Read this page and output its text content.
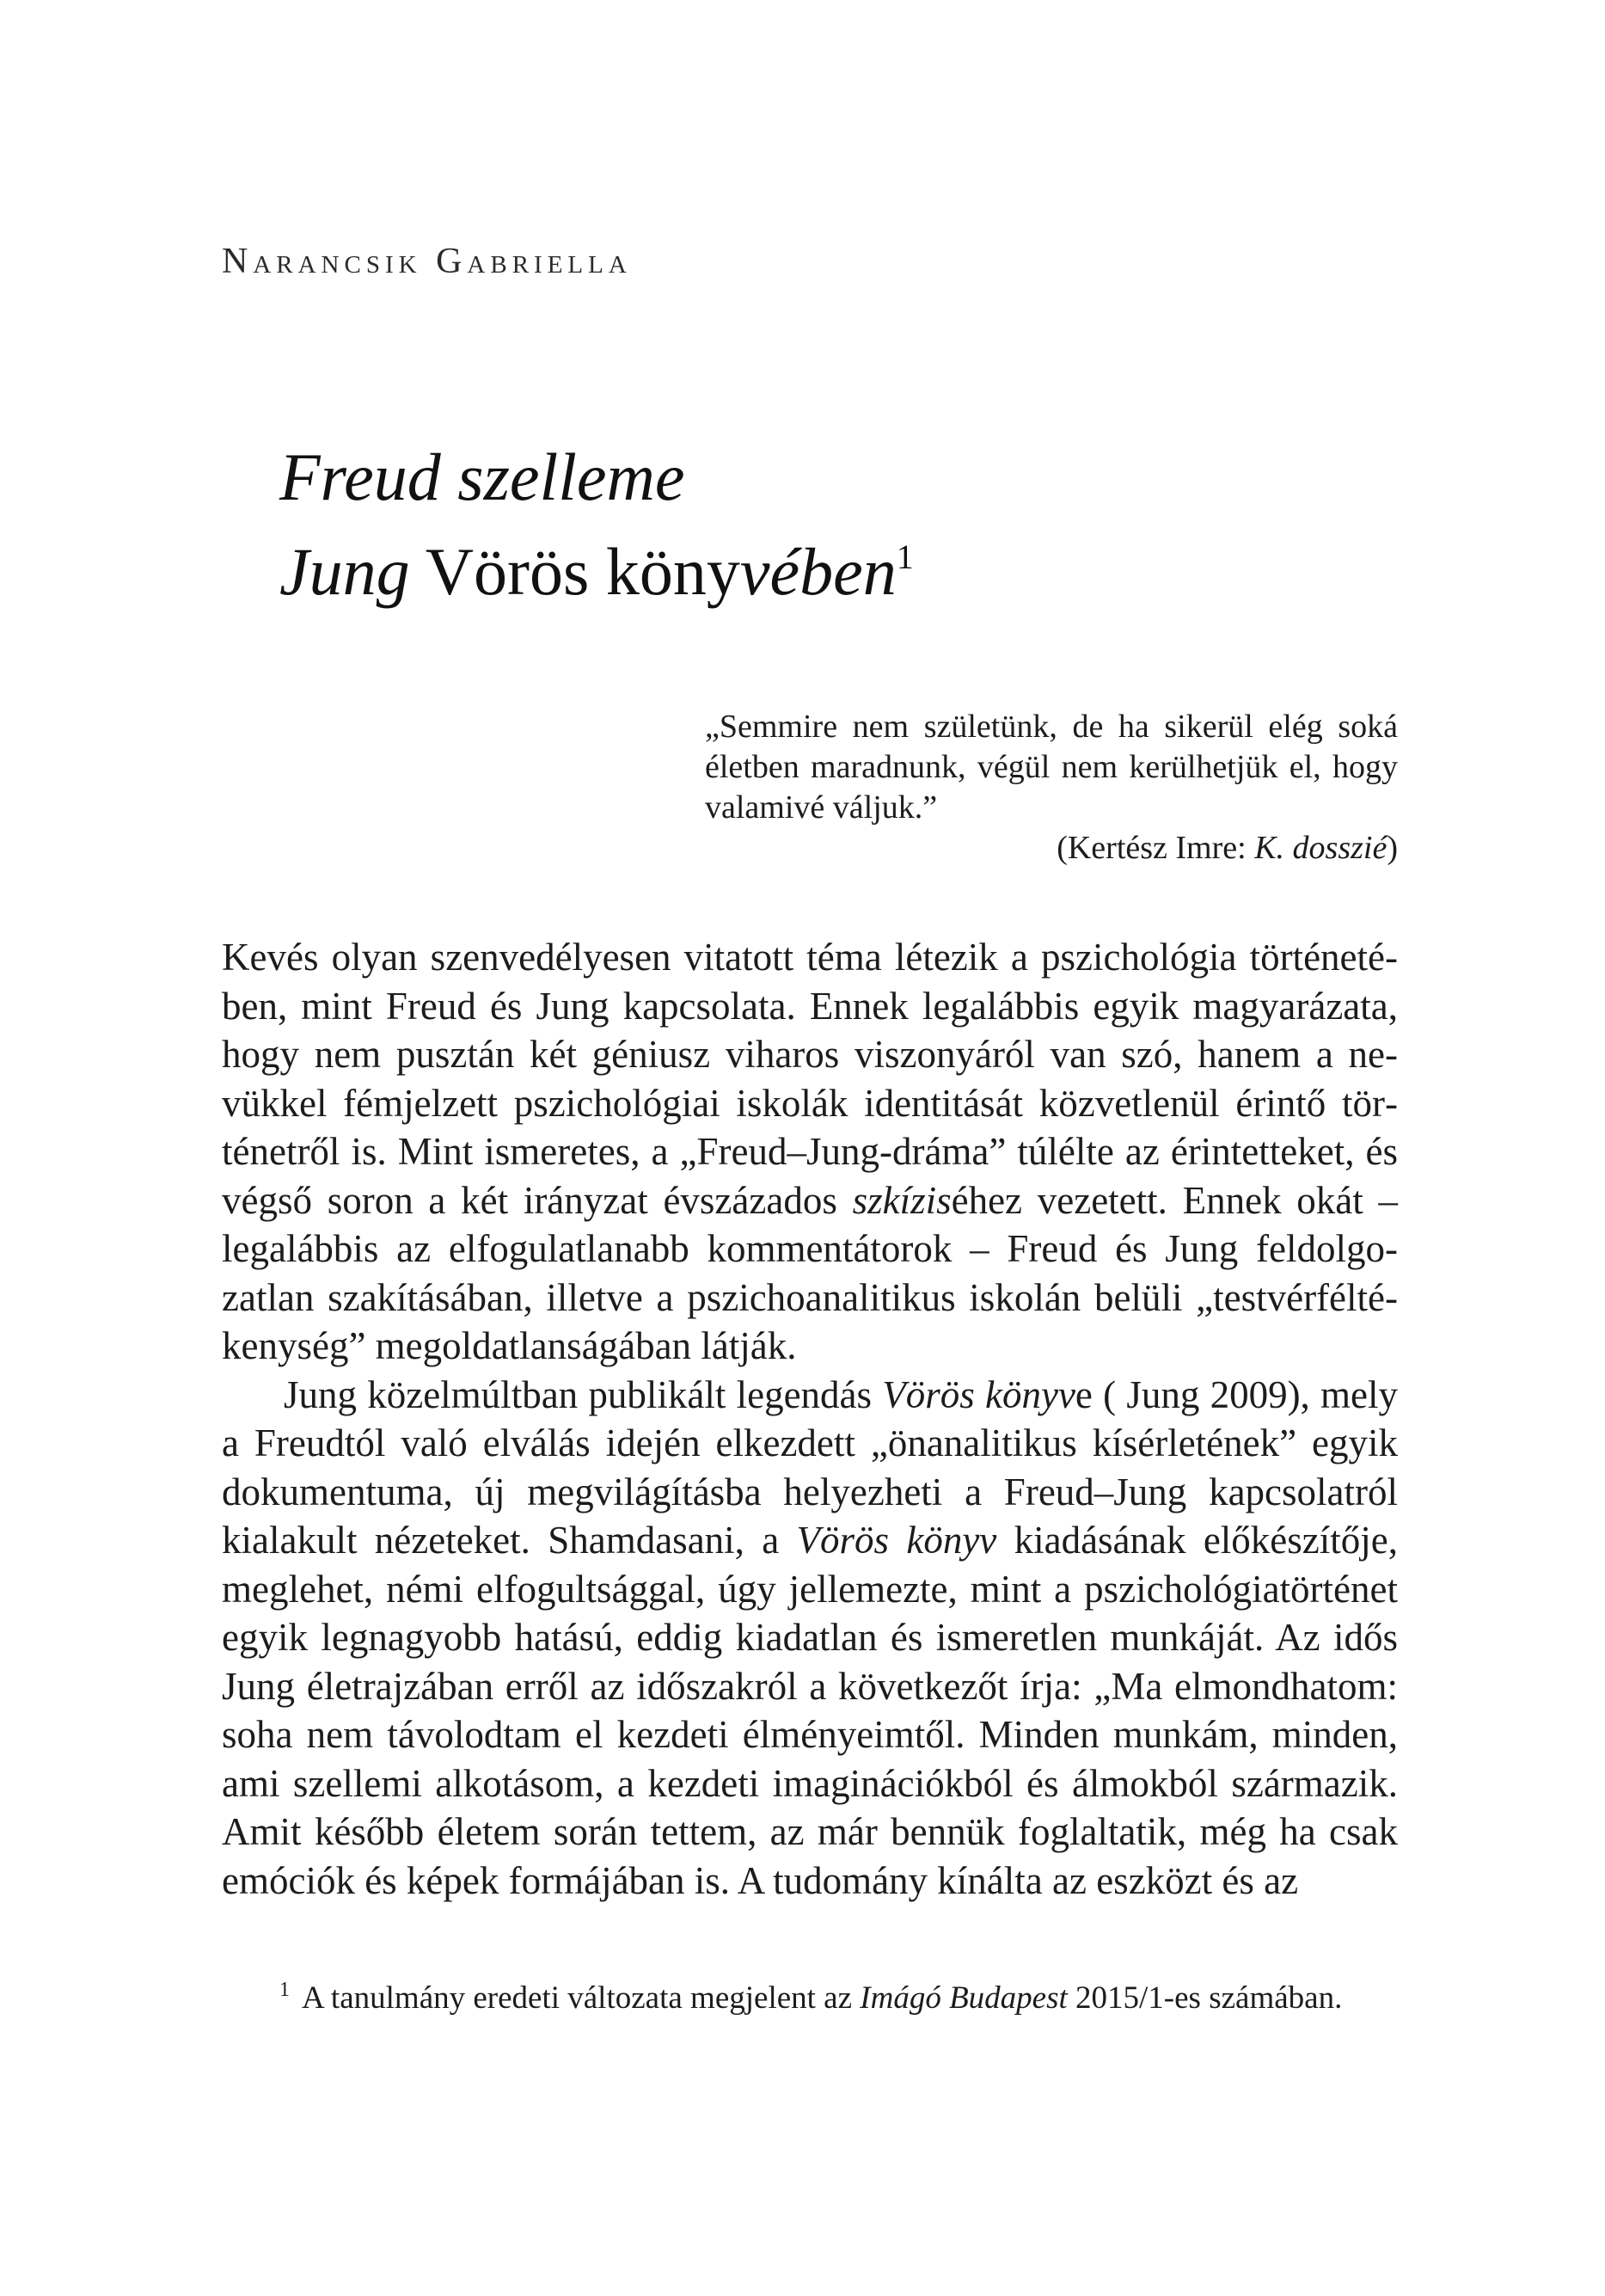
Narancsik Gabriella
Freud szelleme
Jung Vörös könyvében$^1$
„Semmire nem születünk, de ha sikerül elég soká életben maradnunk, végül nem kerülhetjük el, hogy valamivé váljuk.”
(Kertész Imre: K. dosszié)

Kevés olyan szenvedélyesen vitatott téma létezik a pszichológia történetében, mint Freud és Jung kapcsolata. Ennek legalábbis egyik magyarázata, hogy nem pusztán két géniusz viharos viszonyáról van szó, hanem a nevükkel fémjelzett pszichológiai iskolák identitását közvetlenül érintő történetről is. Mint ismeretes, a „Freud–Jung-dráma” túlélte az érintetteket, és végső soron a két irányzat évszázados szkíziséhez vezetett. Ennek okát – legalábbis az elfogulatlanabb kommentátorok – Freud és Jung feldolgozatlan szakításában, illetve a pszichoanalitikus iskolán belüli „testvérféltékenység” megoldatlanságában látják.

Jung közelmúltban publikált legendás Vörös könyve ( Jung 2009), mely a Freudtól való elválás idején elkezdett „önanalitikus kísérletének” egyik dokumentuma, új megvilágításba helyezheti a Freud–Jung kapcsolatról kialakult nézeteket. Shamdasani, a Vörös könyv kiadásának előkészítője, meglehet, némi elfogultsággal, úgy jellemezte, mint a pszichológiatörténet egyik legnagyobb hatású, eddig kiadatlan és ismeretlen munkáját. Az idős Jung életrajzában erről az időszakról a következőt írja: „Ma elmondhatom: soha nem távolodtam el kezdeti élményeimtől. Minden munkám, minden, ami szellemi alkotásom, a kezdeti imaginációkból és álmokból származik. Amit később életem során tettem, az már bennük foglaltatik, még ha csak emóciók és képek formájában is. A tudomány kínálta az eszközt és az

$^1$ A tanulmány eredeti változata megjelent az Imágó Budapest 2015/1-es számában.
